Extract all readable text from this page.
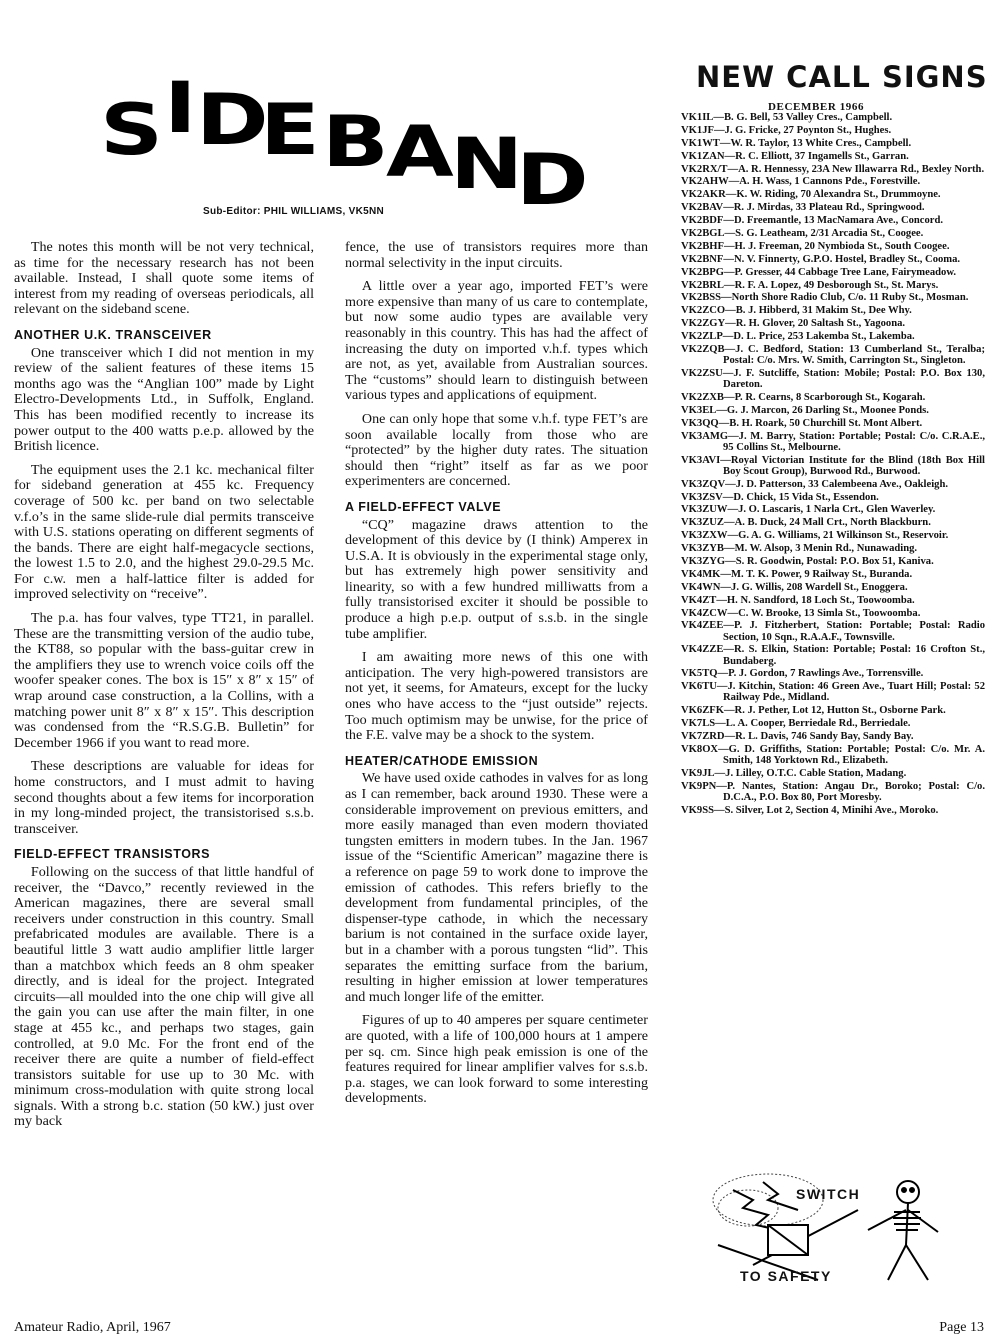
S I D
E B A
N
D
Sub-Editor: PHIL WILLIAMS, VK5NN

The notes this month will be not very technical, as time for the necessary research has not been available. Instead, I shall quote some items of interest from my reading of overseas periodicals, all relevant on the sideband scene.

ANOTHER U.K. TRANSCEIVER

One transceiver which I did not mention in my review of the salient features of these items 15 months ago was the “Anglian 100” made by Light Electro-Developments Ltd., in Suffolk, England. This has been modified recently to increase its power output to the 400 watts p.e.p. allowed by the British licence.

The equipment uses the 2.1 kc. mechanical filter for sideband generation at 455 kc. Frequency coverage of 500 kc. per band on two selectable v.f.o’s in the same slide-rule dial permits transceive with U.S. stations operating on different segments of the bands. There are eight half-megacycle sections, the lowest 1.5 to 2.0, and the highest 29.0-29.5 Mc. For c.w. men a half-lattice filter is added for improved selectivity on “receive”.

The p.a. has four valves, type TT21, in parallel. These are the transmitting version of the audio tube, the KT88, so popular with the bass-guitar crew in the amplifiers they use to wrench voice coils off the woofer speaker cones. The box is 15″ x 8″ x 15″ of wrap around case construction, a la Collins, with a matching power unit 8″ x 8″ x 15″. This description was condensed from the “R.S.G.B. Bulletin” for December 1966 if you want to read more.

These descriptions are valuable for ideas for home constructors, and I must admit to having second thoughts about a few items for incorporation in my long-minded project, the transistorised s.s.b. transceiver.

FIELD-EFFECT TRANSISTORS

Following on the success of that little handful of receiver, the “Davco,” recently reviewed in the American magazines, there are several small receivers under construction in this country. Small prefabricated modules are available. There is a beautiful little 3 watt audio amplifier little larger than a matchbox which feeds an 8 ohm speaker directly, and is ideal for the project. Integrated circuits—all moulded into the one chip will give all the gain you can use after the main filter, in one stage at 455 kc., and perhaps two stages, gain controlled, at 9.0 Mc. For the front end of the receiver there are quite a number of field-effect transistors suitable for use up to 30 Mc. with minimum cross-modulation with quite strong local signals. With a strong b.c. station (50 kW.) just over my back

fence, the use of transistors requires more than normal selectivity in the input circuits.

A little over a year ago, imported FET’s were more expensive than many of us care to contemplate, but now some audio types are available very reasonably in this country. This has had the affect of increasing the duty on imported v.h.f. types which are not, as yet, available from Australian sources. The “customs” should learn to distinguish between various types and applications of equipment.

One can only hope that some v.h.f. type FET’s are soon available locally from those who are “protected” by the higher duty rates. The situation should then “right” itself as far as we poor experimenters are concerned.

A FIELD-EFFECT VALVE

“CQ” magazine draws attention to the development of this device by (I think) Amperex in U.S.A. It is obviously in the experimental stage only, but has extremely high power sensitivity and linearity, so with a few hundred milliwatts from a fully transistorised exciter it should be possible to produce a high p.e.p. output of s.s.b. in the single tube amplifier.

I am awaiting more news of this one with anticipation. The very high-powered transistors are not yet, it seems, for Amateurs, except for the lucky ones who have access to the “just outside” rejects. Too much optimism may be unwise, for the price of the F.E. valve may be a shock to the system.

HEATER/CATHODE EMISSION

We have used oxide cathodes in valves for as long as I can remember, back around 1930. These were a considerable improvement on previous emitters, and more easily managed than even modern thoviated tungsten emitters in modern tubes. In the Jan. 1967 issue of the “Scientific American” magazine there is a reference on page 59 to work done to improve the emission of cathodes. This refers briefly to the development from fundamental principles, of the dispenser-type cathode, in which the necessary barium is not contained in the surface oxide layer, but in a chamber with a porous tungsten “lid”. This separates the emitting surface from the barium, resulting in higher emission at lower temperatures and much longer life of the emitter.

Figures of up to 40 amperes per square centimeter are quoted, with a life of 100,000 hours at 1 ampere per sq. cm. Since high peak emission is one of the features required for linear amplifier valves for s.s.b. p.a. stages, we can look forward to some interesting developments.

NEW CALL SIGNS
DECEMBER 1966
VK1IL—B. G. Bell, 53 Valley Cres., Campbell.
VK1JF—J. G. Fricke, 27 Poynton St., Hughes.
VK1WT—W. R. Taylor, 13 White Cres., Campbell.
VK1ZAN—R. C. Elliott, 37 Ingamells St., Garran.
VK2RX/T—A. R. Hennessy, 23A New Illawarra Rd., Bexley North.
VK2AHW—A. H. Wass, 1 Cannons Pde., Forestville.
VK2AKR—K. W. Riding, 70 Alexandra St., Drummoyne.
VK2BAV—R. J. Mirdas, 33 Plateau Rd., Springwood.
VK2BDF—D. Freemantle, 13 MacNamara Ave., Concord.
VK2BGL—S. G. Leatheam, 2/31 Arcadia St., Coogee.
VK2BHF—H. J. Freeman, 20 Nymbioda St., South Coogee.
VK2BNF—N. V. Finnerty, G.P.O. Hostel, Bradley St., Cooma.
VK2BPG—P. Gresser, 44 Cabbage Tree Lane, Fairymeadow.
VK2BRL—R. F. A. Lopez, 49 Desborough St., St. Marys.
VK2BSS—North Shore Radio Club, C/o. 11 Ruby St., Mosman.
VK2ZCO—B. J. Hibberd, 31 Makim St., Dee Why.
VK2ZGY—R. H. Glover, 20 Saltash St., Yagoona.
VK2ZLP—D. L. Price, 253 Lakemba St., Lakemba.
VK2ZQB—J. C. Bedford, Station: 13 Cumberland St., Teralba; Postal: C/o. Mrs. W. Smith, Carrington St., Singleton.
VK2ZSU—J. F. Sutcliffe, Station: Mobile; Postal: P.O. Box 130, Dareton.
VK2ZXB—P. R. Cearns, 8 Scarborough St., Kogarah.
VK3EL—G. J. Marcon, 26 Darling St., Moonee Ponds.
VK3QQ—B. H. Roark, 50 Churchill St. Mont Albert.
VK3AMG—J. M. Barry, Station: Portable; Postal: C/o. C.R.A.E., 95 Collins St., Melbourne.
VK3AVI—Royal Victorian Institute for the Blind (18th Box Hill Boy Scout Group), Burwood Rd., Burwood.
VK3ZQV—J. D. Patterson, 33 Calembeena Ave., Oakleigh.
VK3ZSV—D. Chick, 15 Vida St., Essendon.
VK3ZUW—J. O. Lascaris, 1 Narla Crt., Glen Waverley.
VK3ZUZ—A. B. Duck, 24 Mall Crt., North Blackburn.
VK3ZXW—G. A. G. Williams, 21 Wilkinson St., Reservoir.
VK3ZYB—M. W. Alsop, 3 Menin Rd., Nunawading.
VK3ZYG—S. R. Goodwin, Postal: P.O. Box 51, Kaniva.
VK4MK—M. T. K. Power, 9 Railway St., Buranda.
VK4WN—J. G. Willis, 208 Wardell St., Enoggera.
VK4ZT—H. N. Sandford, 18 Loch St., Toowoomba.
VK4ZCW—C. W. Brooke, 13 Simla St., Toowoomba.
VK4ZEE—P. J. Fitzherbert, Station: Portable; Postal: Radio Section, 10 Sqn., R.A.A.F., Townsville.
VK4ZZE—R. S. Elkin, Station: Portable; Postal: 16 Crofton St., Bundaberg.
VK5TQ—P. J. Gordon, 7 Rawlings Ave., Torrensville.
VK6TU—J. Kitchin, Station: 46 Green Ave., Tuart Hill; Postal: 52 Railway Pde., Midland.
VK6ZFK—R. J. Pether, Lot 12, Hutton St., Osborne Park.
VK7LS—L. A. Cooper, Berriedale Rd., Berriedale.
VK7ZRD—R. L. Davis, 746 Sandy Bay, Sandy Bay.
VK8OX—G. D. Griffiths, Station: Portable; Postal: C/o. Mr. A. Smith, 148 Yorktown Rd., Elizabeth.
VK9JL—J. Lilley, O.T.C. Cable Station, Madang.
VK9PN—P. Nantes, Station: Angau Dr., Boroko; Postal: C/o. D.C.A., P.O. Box 80, Port Moresby.
VK9SS—S. Silver, Lot 2, Section 4, Minihi Ave., Moroko.
SWITCH
TO SAFETY
Amateur Radio, April, 1967	Page 13
